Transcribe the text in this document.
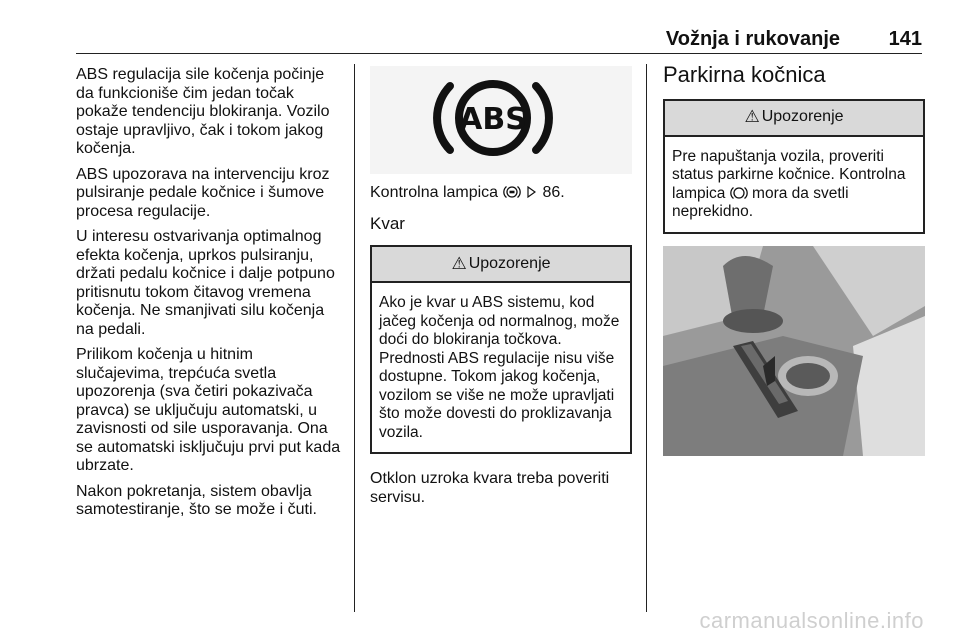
Vožnja i rukovanje 141

ABS regulacija sile kočenja počinje da funkcioniše čim jedan točak pokaže tendenciju blokiranja. Vozilo ostaje upravljivo, čak i tokom jakog kočenja.

ABS upozorava na intervenciju kroz pulsiranje pedale kočnice i šumove procesa regulacije.

U interesu ostvarivanja optimalnog efekta kočenja, uprkos pulsiranju, držati pedalu kočnice i dalje potpuno pritisnutu tokom čitavog vremena kočenja. Ne smanjivati silu kočenja na pedali.

Prilikom kočenja u hitnim slučajevima, trepćuća svetla upozorenja (sva četiri pokazivača pravca) se uključuju automatski, u zavisnosti od sile usporavanja. Ona se automatski isključuju prvi put kada ubrzate.

Nakon pokretanja, sistem obavlja samotestiranje, što se može i čuti.

ABS
Kontrolna lampica	86.
Kvar
⚠ Upozorenje
Ako je kvar u ABS sistemu, kod jačeg kočenja od normalnog, može doći do blokiranja točkova. Prednosti ABS regulacije nisu više dostupne. Tokom jakog kočenja, vozilom se više ne može upravljati što može dovesti do proklizavanja vozila.

Otklon uzroka kvara treba poveriti servisu.

Parkirna kočnica
⚠ Upozorenje
Pre napuštanja vozila, proveriti status parkirne kočnice. Kontrolna lampica mora da svetli neprekidno.
carmanualsonline.info
